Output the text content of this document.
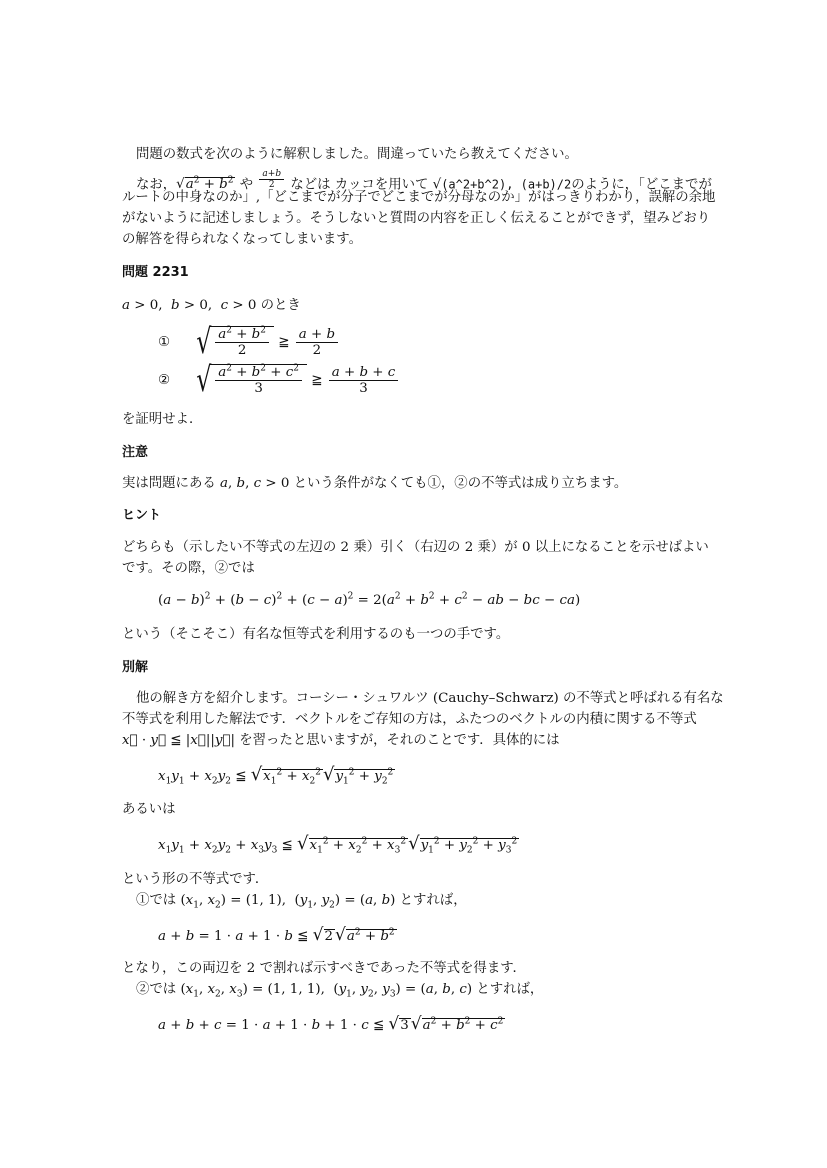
問題の数式を次のように解釈しました。間違っていたら教えてください。
なお，$√a^2 + b^2$ や $\frac{a+b}{2}$ などは カッコを用いて √(a^2+b^2), (a+b)/2のように，「どこまでが
ルートの中身なのか」,「どこまでが分子でどこまでが分母なのか」がはっきりわかり，誤解の余地
がないように記述しましょう。そうしないと質問の内容を正しく伝えることができず，望みどおり
の解答を得られなくなってしまいます。
問題 2231
a > 0,  b > 0,  c > 0 のとき
① √ $\frac{a^2 + b^2}{2}$ ≧ $\frac{a + b}{2}$
② √ $\frac{a^2 + b^2 + c^2}{3}$ ≧ $\frac{a + b + c}{3}$
を証明せよ．
注意
実は問題にある a, b, c > 0 という条件がなくても①，②の不等式は成り立ちます。
ヒント
どちらも（示したい不等式の左辺の 2 乗）引く（右辺の 2 乗）が 0 以上になることを示せばよい
です。その際，②では
$(a - b)^2 + (b - c)^2 + (c - a)^2 = 2(a^2 + b^2 + c^2$ − ab − bc − ca)
という（そこそこ）有名な恒等式を利用するのも一つの手です。
別解
他の解き方を紹介します。コーシー・シュワルツ (Cauchy–Schwarz) の不等式と呼ばれる有名な
不等式を利用した解法です．ベクトルをご存知の方は，ふたつのベクトルの内積に関する不等式
x⃗ · y⃗ ≦ |x⃗||y⃗| を習ったと思いますが，それのことです．具体的には
$x_1y_1 + x_2y_2$ ≦ $√x_1^2 + x_2^2$ $√y_1^2 + y_2^2$
あるいは
$x_1y_1 + x_2y_2 + x_3y_3$ ≦ $√x_1^2 + x_2^2 + x_3^2$ $√y_1^2 + y_2^2 + y_3^2$
という形の不等式です．
①では ($x_1$, $x_2) = (1$, 1),  ($y_1$, $y_2) = (a$, b) とすれば，
a + b = 1 · a + 1 · b ≦ √2 $√a^2 + b^2$
となり，この両辺を 2 で割れば示すべきであった不等式を得ます．
②では ($x_1$, $x_2$, $x_3) = (1$, 1, 1),  ($y_1$, $y_2$, $y_3) = (a$, b, c) とすれば，
a + b + c = 1 · a + 1 · b + 1 · c ≦ √3 $√a^2 + b^2 + c^2$
